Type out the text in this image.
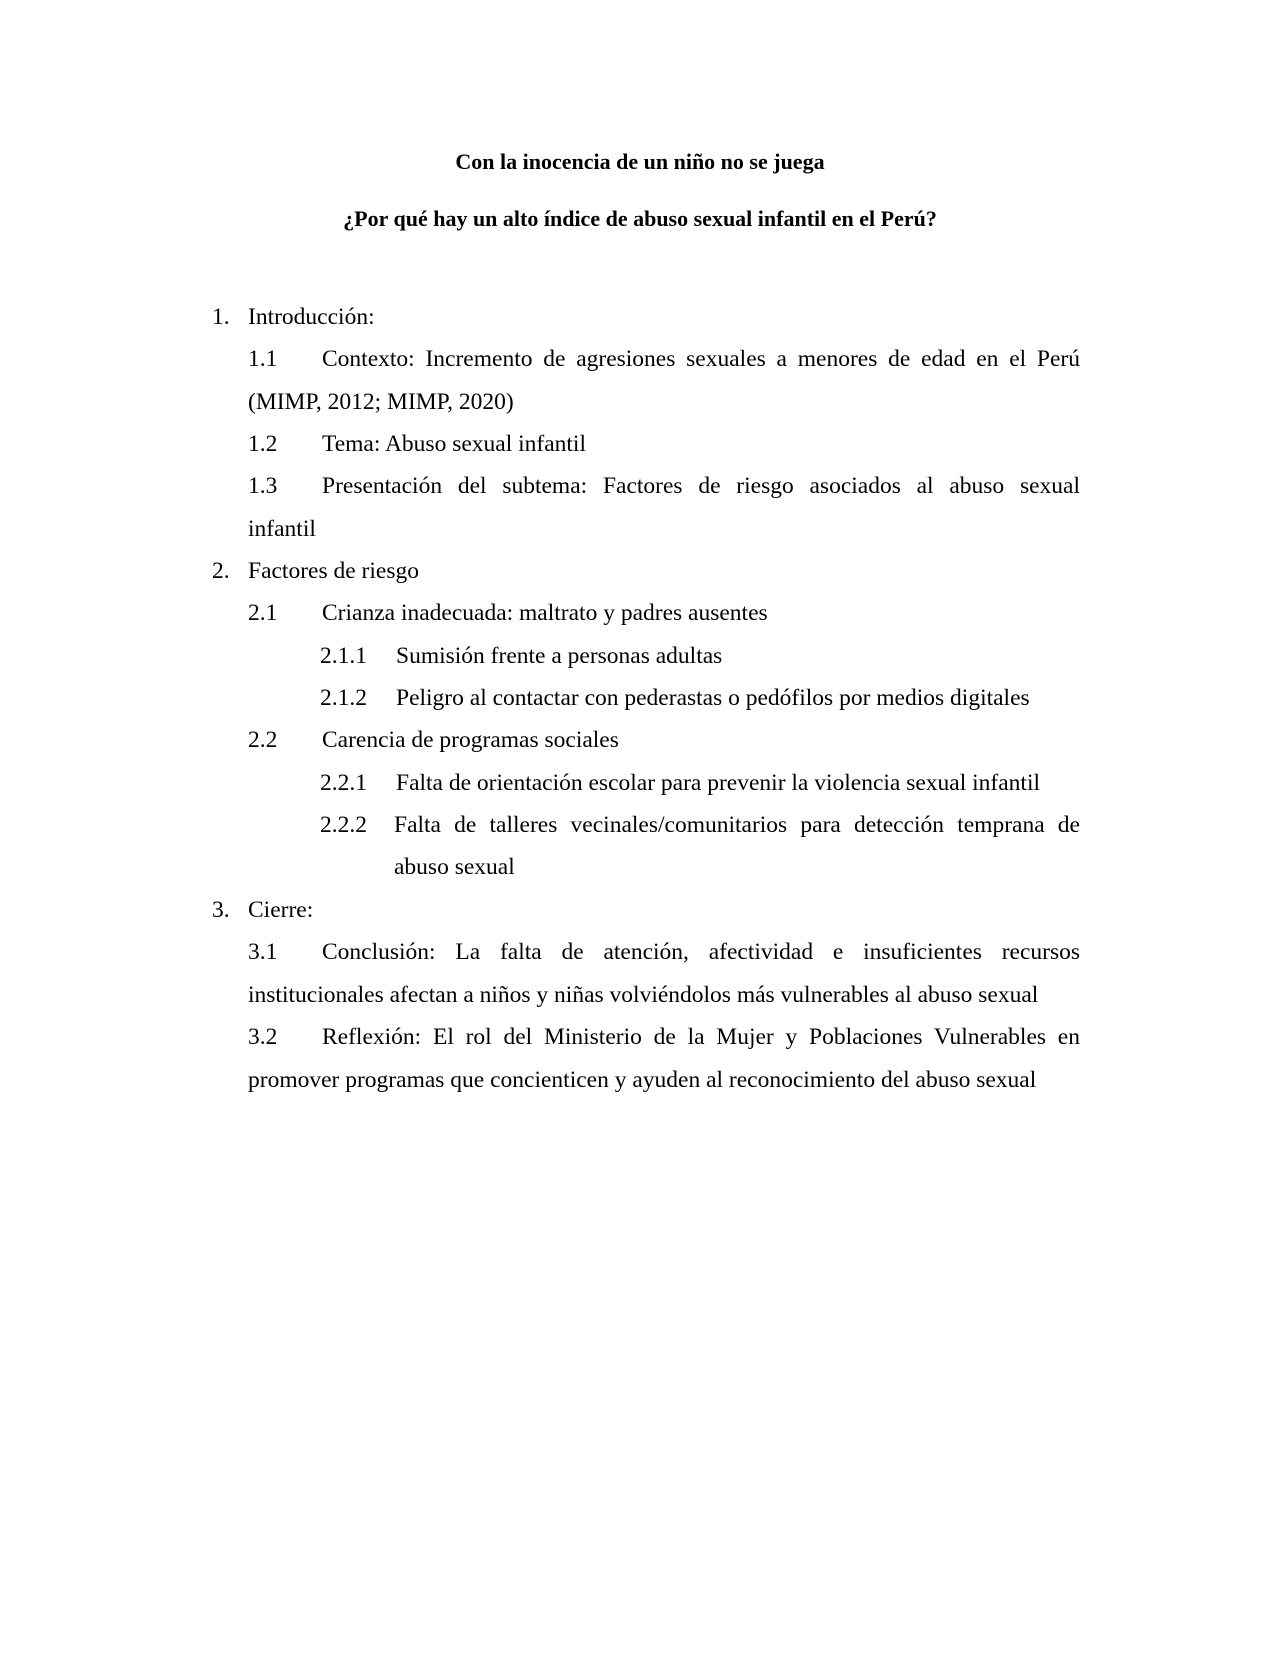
Con la inocencia de un niño no se juega
¿Por qué hay un alto índice de abuso sexual infantil en el Perú?
1. Introducción:
1.1 Contexto: Incremento de agresiones sexuales a menores de edad en el Perú
(MIMP, 2012; MIMP, 2020)
1.2 Tema: Abuso sexual infantil
1.3 Presentación del subtema: Factores de riesgo asociados al abuso sexual
infantil
2. Factores de riesgo
2.1 Crianza inadecuada: maltrato y padres ausentes
2.1.1 Sumisión frente a personas adultas
2.1.2 Peligro al contactar con pederastas o pedófilos por medios digitales
2.2 Carencia de programas sociales
2.2.1 Falta de orientación escolar para prevenir la violencia sexual infantil
2.2.2 Falta de talleres vecinales/comunitarios para detección temprana de
abuso sexual
3. Cierre:
3.1 Conclusión: La falta de atención, afectividad e insuficientes recursos
institucionales afectan a niños y niñas volviéndolos más vulnerables al abuso sexual
3.2 Reflexión: El rol del Ministerio de la Mujer y Poblaciones Vulnerables en
promover programas que concienticen y ayuden al reconocimiento del abuso sexual
